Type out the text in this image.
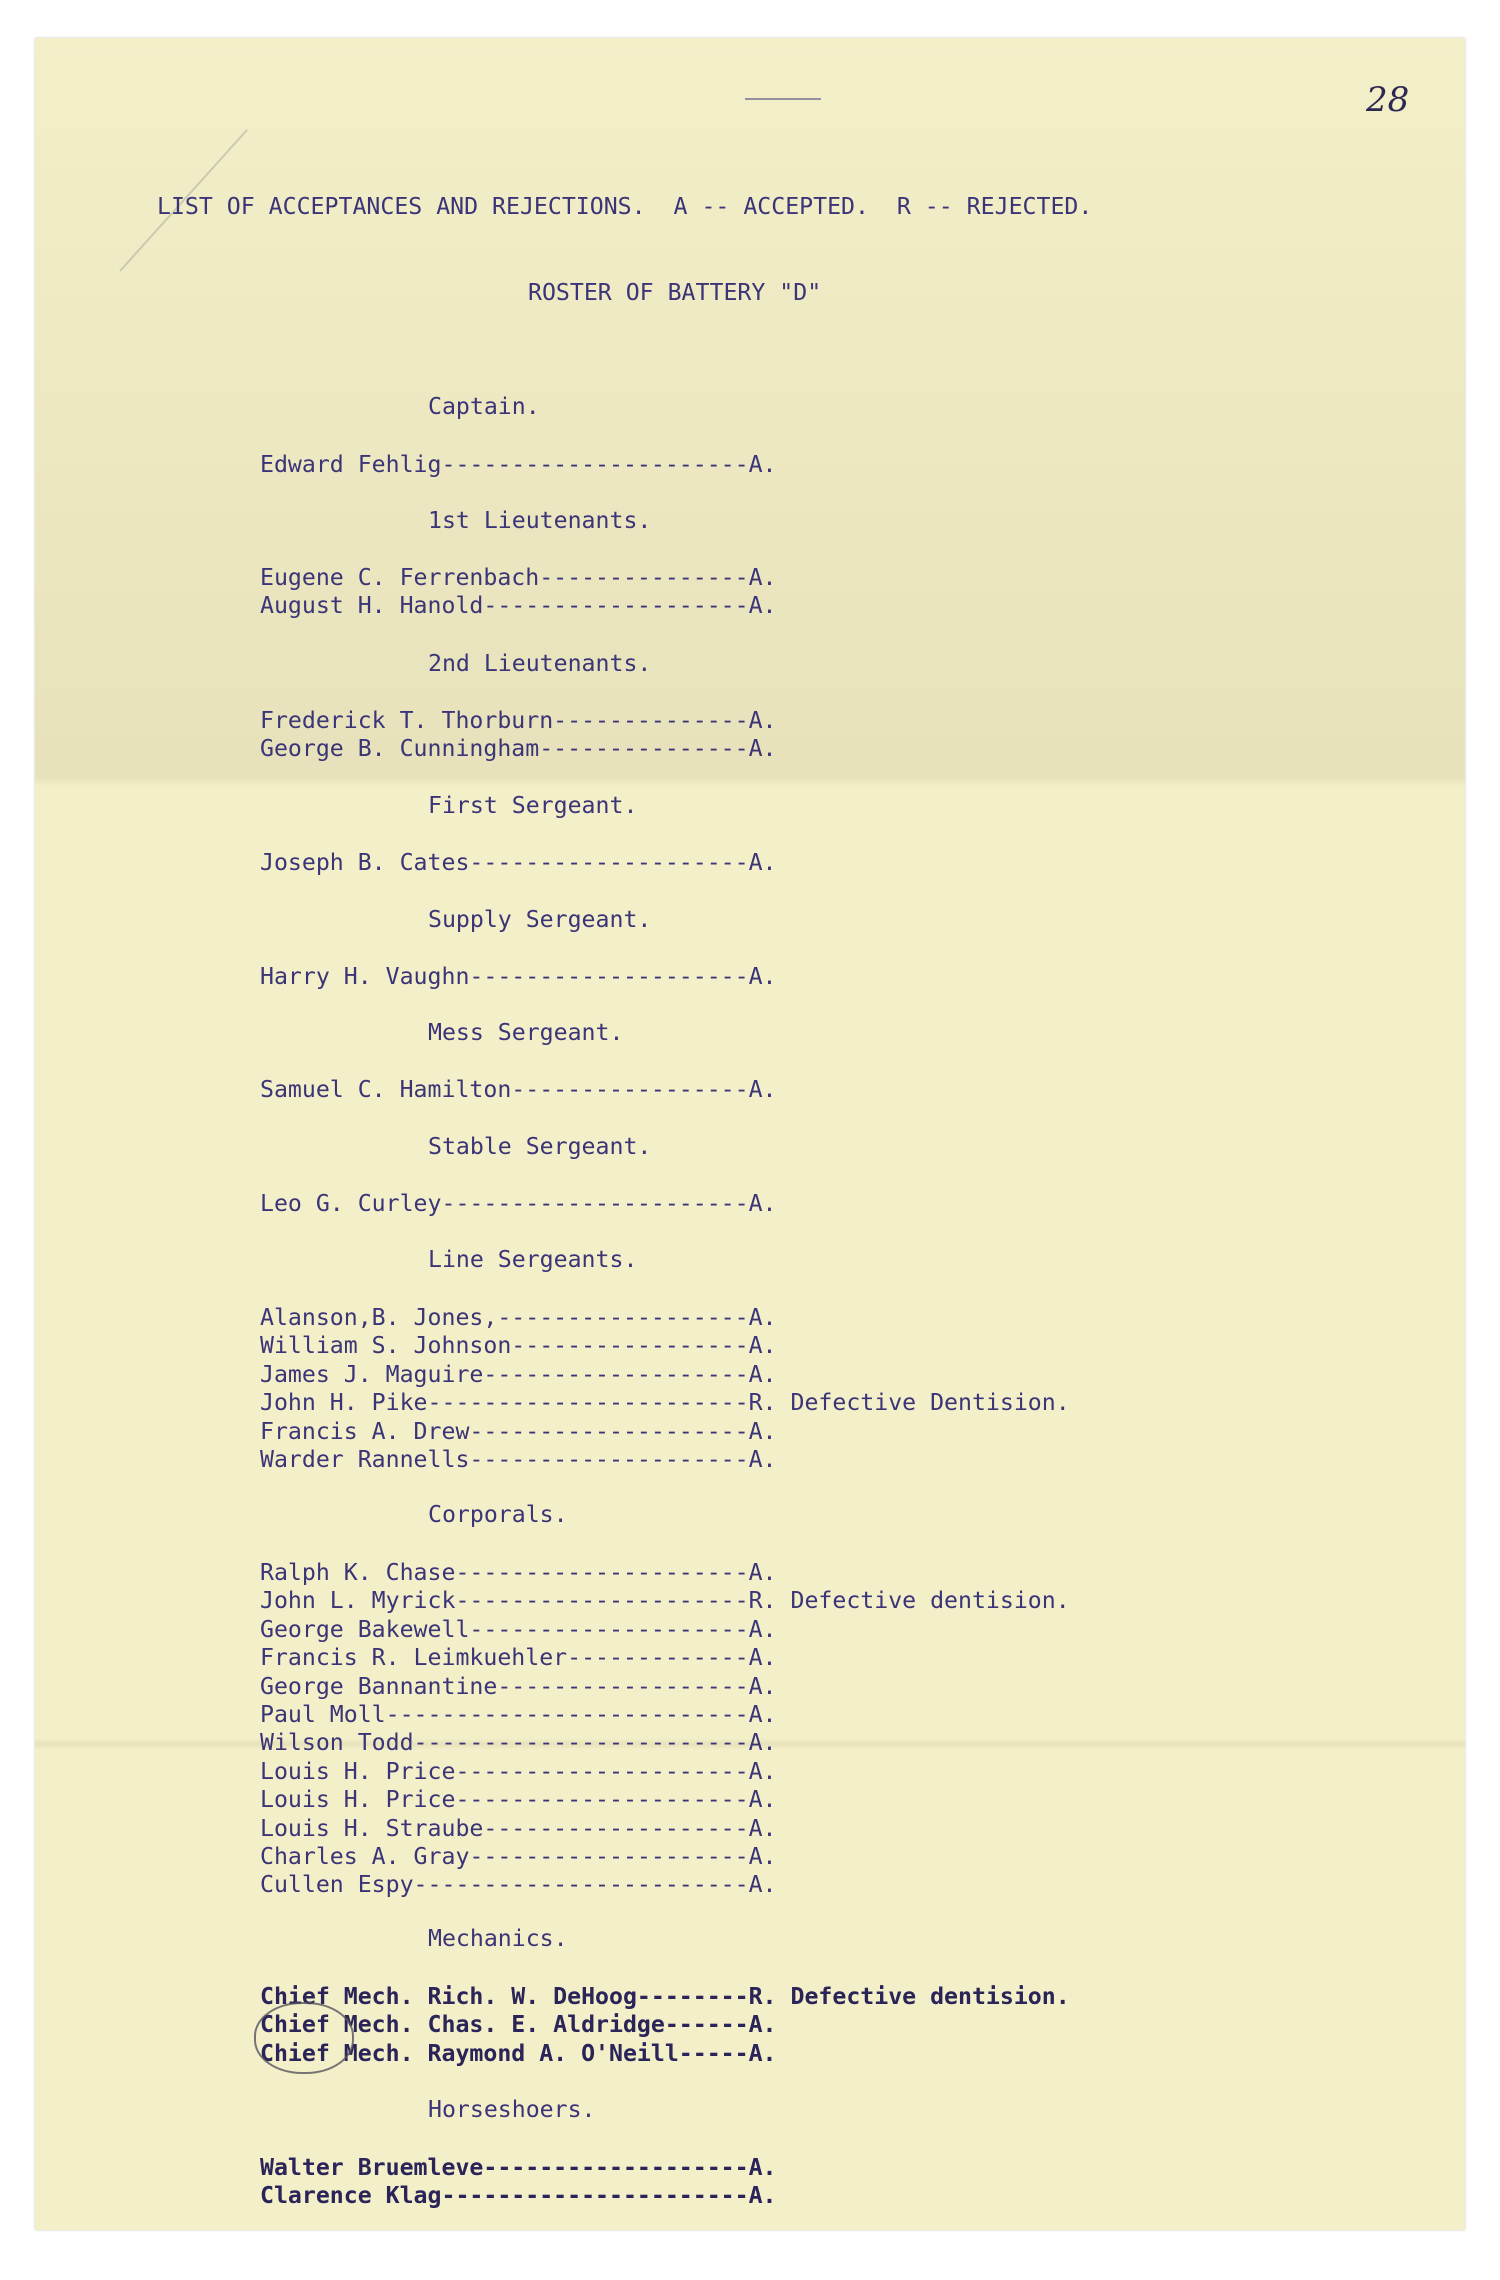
28
LIST OF ACCEPTANCES AND REJECTIONS.  A -- ACCEPTED.  R -- REJECTED.
ROSTER OF BATTERY "D"
Captain.
Edward Fehlig----------------------A.
1st Lieutenants.
Eugene C. Ferrenbach---------------A.
August H. Hanold-------------------A.
2nd Lieutenants.
Frederick T. Thorburn--------------A.
George B. Cunningham---------------A.
First Sergeant.
Joseph B. Cates--------------------A.
Supply Sergeant.
Harry H. Vaughn--------------------A.
Mess Sergeant.
Samuel C. Hamilton-----------------A.
Stable Sergeant.
Leo G. Curley----------------------A.
Line Sergeants.
Alanson,B. Jones,------------------A.
William S. Johnson-----------------A.
James J. Maguire-------------------A.
John H. Pike-----------------------R. Defective Dentision.
Francis A. Drew--------------------A.
Warder Rannells--------------------A.
Corporals.
Ralph K. Chase---------------------A.
John L. Myrick---------------------R. Defective dentision.
George Bakewell--------------------A.
Francis R. Leimkuehler-------------A.
George Bannantine------------------A.
Paul Moll--------------------------A.
Wilson Todd------------------------A.
Louis H. Price---------------------A.
Louis H. Price---------------------A.
Louis H. Straube-------------------A.
Charles A. Gray--------------------A.
Cullen Espy------------------------A.
Mechanics.
Chief Mech. Rich. W. DeHoog--------R. Defective dentision.
Chief Mech. Chas. E. Aldridge------A.
Chief Mech. Raymond A. O'Neill-----A.
Horseshoers.
Walter Bruemleve-------------------A.
Clarence Klag----------------------A.
